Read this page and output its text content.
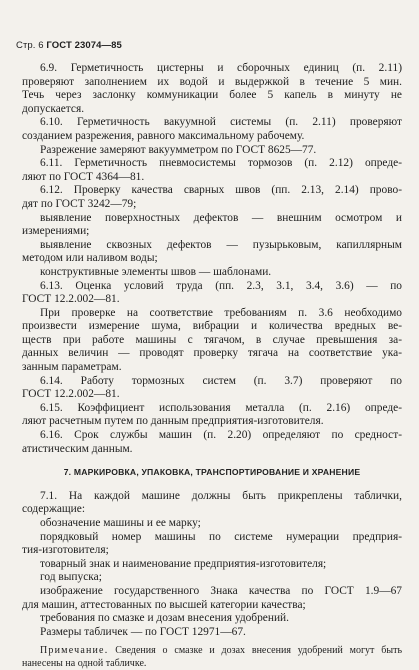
Стр. 6 ГОСТ 23074—85
6.9. Герметичность цистерны и сборочных единиц (п. 2.11)
проверяют заполнением их водой и выдержкой в течение 5 мин.
Течь через заслонку коммуникации более 5 капель в минуту не
допускается.
6.10. Герметичность вакуумной системы (п. 2.11) проверяют
созданием разрежения, равного максимальному рабочему.
Разрежение замеряют вакуумметром по ГОСТ 8625—77.
6.11. Герметичность пневмосистемы тормозов (п. 2.12) опреде-
ляют по ГОСТ 4364—81.
6.12. Проверку качества сварных швов (пп. 2.13, 2.14) прово-
дят по ГОСТ 3242—79;
выявление поверхностных дефектов — внешним осмотром и
измерениями;
выявление сквозных дефектов — пузырьковым, капиллярным
методом или наливом воды;
конструктивные элементы швов — шаблонами.
6.13. Оценка условий труда (пп. 2.3, 3.1, 3.4, 3.6) — по
ГОСТ 12.2.002—81.
При проверке на соответствие требованиям п. 3.6 необходимо
произвести измерение шума, вибрации и количества вредных ве-
ществ при работе машины с тягачом, в случае превышения за-
данных величин — проводят проверку тягача на соответствие ука-
занным параметрам.
6.14. Работу тормозных систем (п. 3.7) проверяют по
ГОСТ 12.2.002—81.
6.15. Коэффициент использования металла (п. 2.16) опреде-
ляют расчетным путем по данным предприятия-изготовителя.
6.16. Срок службы машин (п. 2.20) определяют по средност-
атистическим данным.
7. МАРКИРОВКА, УПАКОВКА, ТРАНСПОРТИРОВАНИЕ И ХРАНЕНИЕ
7.1. На каждой машине должны быть прикреплены таблички,
содержащие:
обозначение машины и ее марку;
порядковый номер машины по системе нумерации предприя-
тия-изготовителя;
товарный знак и наименование предприятия-изготовителя;
год выпуска;
изображение государственного Знака качества по ГОСТ 1.9—67
для машин, аттестованных по высшей категории качества;
требования по смазке и дозам внесения удобрений.
Размеры табличек — по ГОСТ 12971—67.
Примечание. Сведения о смазке и дозах внесения удобрений могут быть
нанесены на одной табличке.
